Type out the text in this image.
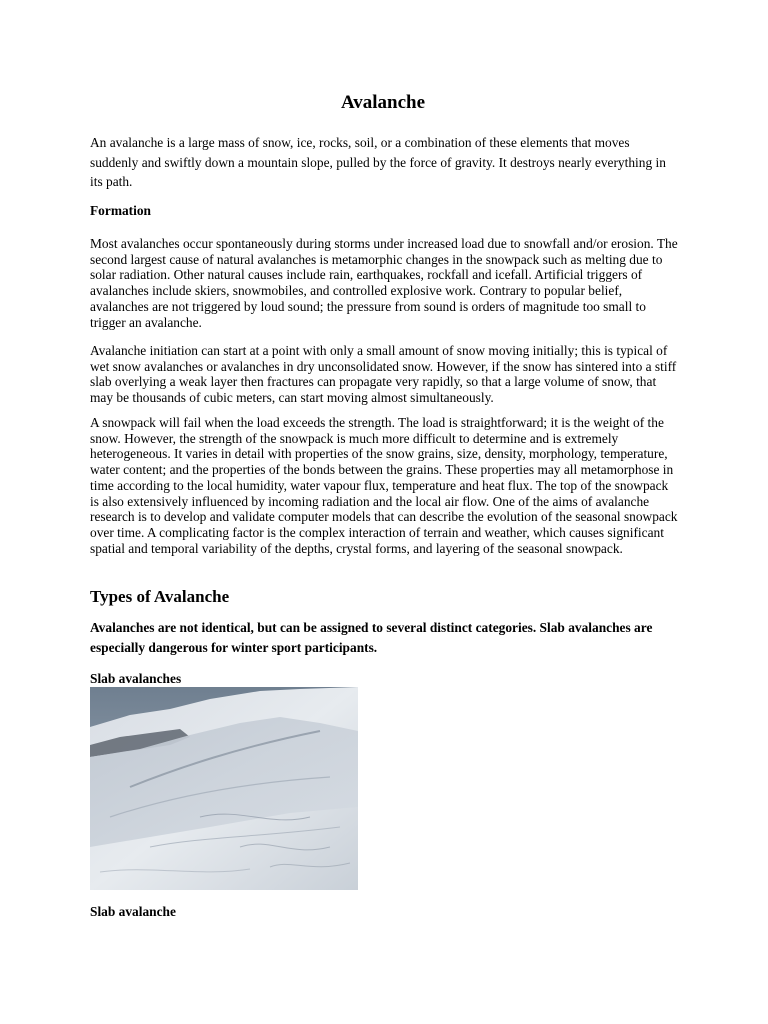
Avalanche

An avalanche is a large mass of snow, ice, rocks, soil, or a combination of these elements that moves suddenly and swiftly down a mountain slope, pulled by the force of gravity. It destroys nearly everything in its path.

Formation

Most avalanches occur spontaneously during storms under increased load due to snowfall and/or erosion. The second largest cause of natural avalanches is metamorphic changes in the snowpack such as melting due to solar radiation. Other natural causes include rain, earthquakes, rockfall and icefall. Artificial triggers of avalanches include skiers, snowmobiles, and controlled explosive work. Contrary to popular belief, avalanches are not triggered by loud sound; the pressure from sound is orders of magnitude too small to trigger an avalanche.

Avalanche initiation can start at a point with only a small amount of snow moving initially; this is typical of wet snow avalanches or avalanches in dry unconsolidated snow. However, if the snow has sintered into a stiff slab overlying a weak layer then fractures can propagate very rapidly, so that a large volume of snow, that may be thousands of cubic meters, can start moving almost simultaneously.

A snowpack will fail when the load exceeds the strength. The load is straightforward; it is the weight of the snow. However, the strength of the snowpack is much more difficult to determine and is extremely heterogeneous. It varies in detail with properties of the snow grains, size, density, morphology, temperature, water content; and the properties of the bonds between the grains. These properties may all metamorphose in time according to the local humidity, water vapour flux, temperature and heat flux. The top of the snowpack is also extensively influenced by incoming radiation and the local air flow. One of the aims of avalanche research is to develop and validate computer models that can describe the evolution of the seasonal snowpack over time. A complicating factor is the complex interaction of terrain and weather, which causes significant spatial and temporal variability of the depths, crystal forms, and layering of the seasonal snowpack.

Types of Avalanche

Avalanches are not identical, but can be assigned to several distinct categories. Slab avalanches are especially dangerous for winter sport participants.

Slab avalanches
Slab avalanche
